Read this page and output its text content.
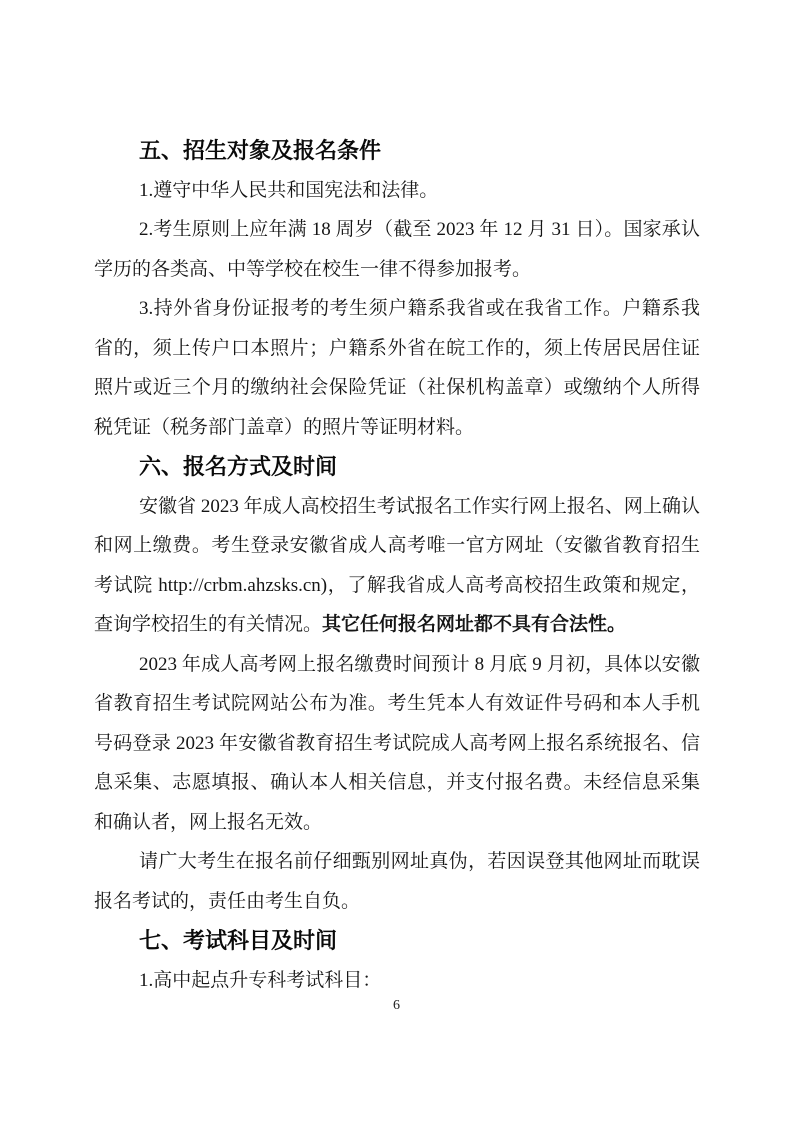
五、招生对象及报名条件

1.遵守中华人民共和国宪法和法律。

2.考生原则上应年满 18 周岁（截至 2023 年 12 月 31 日）。国家承认学历的各类高、中等学校在校生一律不得参加报考。

3.持外省身份证报考的考生须户籍系我省或在我省工作。户籍系我省的，须上传户口本照片；户籍系外省在皖工作的，须上传居民居住证照片或近三个月的缴纳社会保险凭证（社保机构盖章）或缴纳个人所得税凭证（税务部门盖章）的照片等证明材料。

六、报名方式及时间

安徽省 2023 年成人高校招生考试报名工作实行网上报名、网上确认和网上缴费。考生登录安徽省成人高考唯一官方网址（安徽省教育招生考试院 http://crbm.ahzsks.cn)，了解我省成人高考高校招生政策和规定，查询学校招生的有关情况。其它任何报名网址都不具有合法性。

2023 年成人高考网上报名缴费时间预计 8 月底 9 月初，具体以安徽省教育招生考试院网站公布为准。考生凭本人有效证件号码和本人手机号码登录 2023 年安徽省教育招生考试院成人高考网上报名系统报名、信息采集、志愿填报、确认本人相关信息，并支付报名费。未经信息采集和确认者，网上报名无效。

请广大考生在报名前仔细甄别网址真伪，若因误登其他网址而耽误报名考试的，责任由考生自负。

七、考试科目及时间

1.高中起点升专科考试科目：

6
